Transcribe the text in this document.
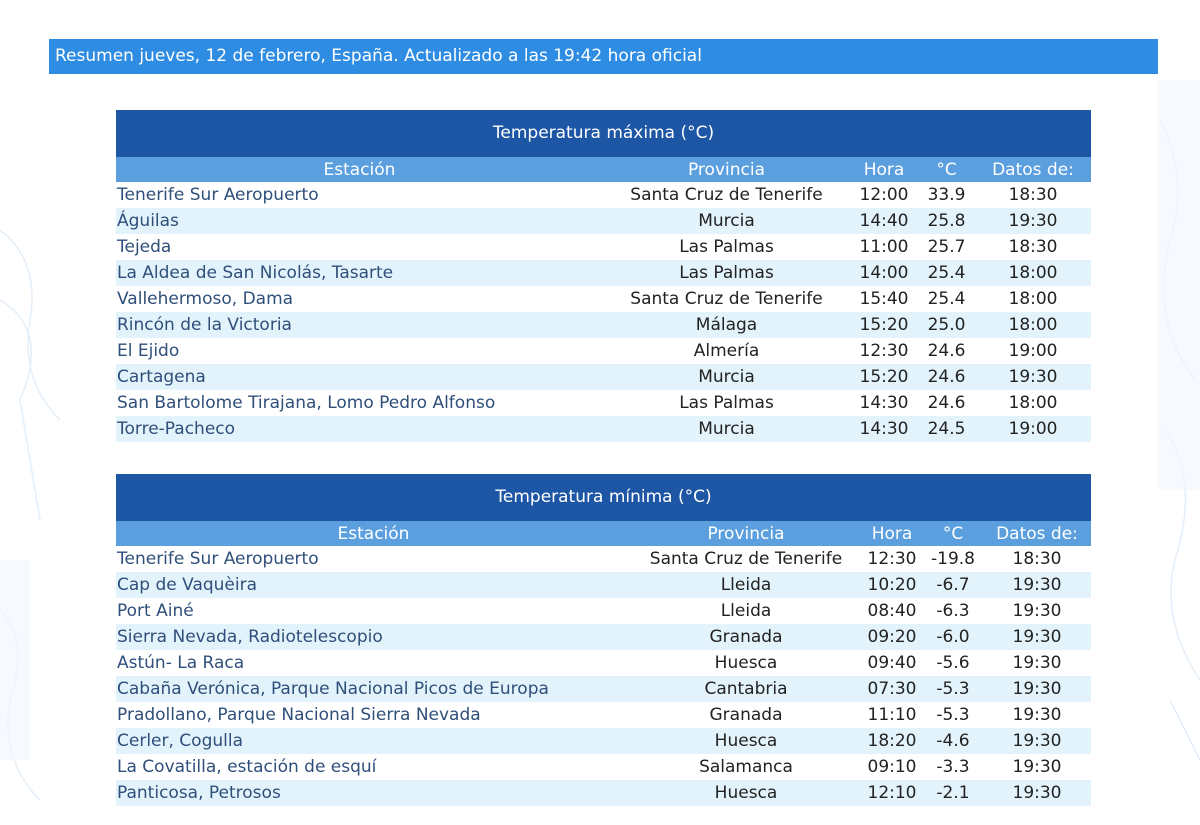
Resumen jueves, 12 de febrero, España. Actualizado a las 19:42 hora oficial
Temperatura máxima (°C)
Estación	Provincia	Hora	°C	Datos de:
Tenerife Sur Aeropuerto	Santa Cruz de Tenerife	12:00	33.9	18:30
Águilas	Murcia	14:40	25.8	19:30
Tejeda	Las Palmas	11:00	25.7	18:30
La Aldea de San Nicolás, Tasarte	Las Palmas	14:00	25.4	18:00
Vallehermoso, Dama	Santa Cruz de Tenerife	15:40	25.4	18:00
Rincón de la Victoria	Málaga	15:20	25.0	18:00
El Ejido	Almería	12:30	24.6	19:00
Cartagena	Murcia	15:20	24.6	19:30
San Bartolome Tirajana, Lomo Pedro Alfonso	Las Palmas	14:30	24.6	18:00
Torre-Pacheco	Murcia	14:30	24.5	19:00
Temperatura mínima (°C)
Estación	Provincia	Hora	°C	Datos de:
Tenerife Sur Aeropuerto	Santa Cruz de Tenerife	12:30	-19.8	18:30
Cap de Vaquèira	Lleida	10:20	-6.7	19:30
Port Ainé	Lleida	08:40	-6.3	19:30
Sierra Nevada, Radiotelescopio	Granada	09:20	-6.0	19:30
Astún- La Raca	Huesca	09:40	-5.6	19:30
Cabaña Verónica, Parque Nacional Picos de Europa	Cantabria	07:30	-5.3	19:30
Pradollano, Parque Nacional Sierra Nevada	Granada	11:10	-5.3	19:30
Cerler, Cogulla	Huesca	18:20	-4.6	19:30
La Covatilla, estación de esquí	Salamanca	09:10	-3.3	19:30
Panticosa, Petrosos	Huesca	12:10	-2.1	19:30
